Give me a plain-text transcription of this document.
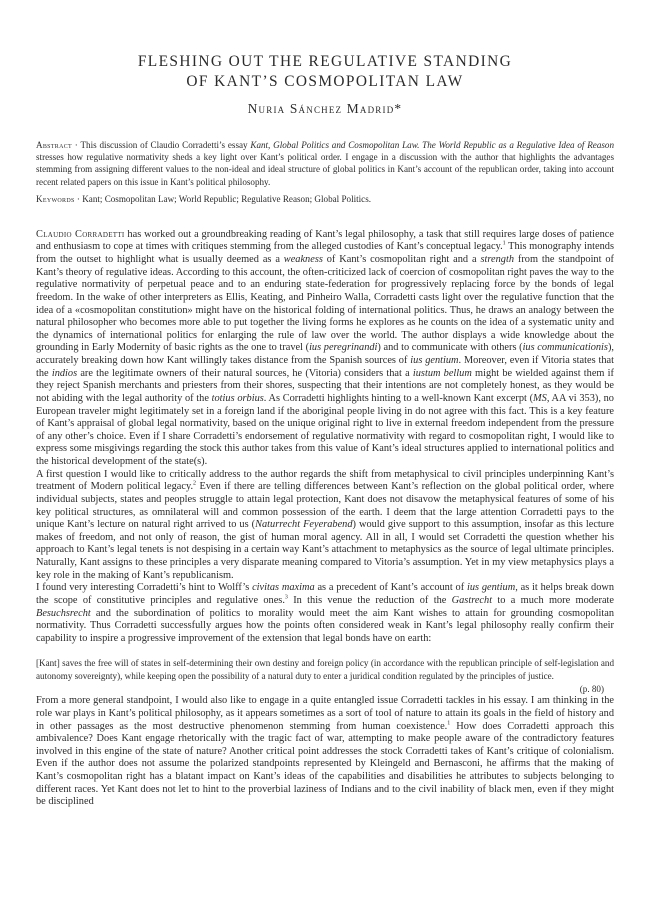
FLESHING OUT THE REGULATIVE STANDING
OF KANT’S COSMOPOLITAN LAW
Nuria Sánchez Madrid*
Abstract · This discussion of Claudio Corradetti’s essay Kant, Global Politics and Cosmopolitan Law. The World Republic as a Regulative Idea of Reason stresses how regulative normativity sheds a key light over Kant’s political order. I engage in a discussion with the author that highlights the advantages stemming from assigning different values to the non-ideal and ideal structure of global politics in Kant’s account of the republican order, taking into account recent related papers on this issue in Kant’s political philosophy.
Keywords · Kant; Cosmopolitan Law; World Republic; Regulative Reason; Global Politics.

Claudio Corradetti has worked out a groundbreaking reading of Kant’s legal philosophy, a task that still requires large doses of patience and enthusiasm to cope at times with critiques stemming from the alleged custodies of Kant’s conceptual legacy.$^1$ This monography intends from the outset to highlight what is usually deemed as a weakness of Kant’s cosmopolitan right and a strength from the standpoint of Kant’s theory of regulative ideas. According to this account, the often-criticized lack of coercion of cosmopolitan right paves the way to the regulative normativity of perpetual peace and to an enduring state-federation for progressively replacing force by the bonds of legal freedom. In the wake of other interpreters as Ellis, Keating, and Pinheiro Walla, Corradetti casts light over the regulative function that the idea of a «cosmopolitan constitution» might have on the historical folding of international politics. Thus, he draws an analogy between the natural philosopher who becomes more able to put together the living forms he explores as he counts on the idea of a systematic unity and the dynamics of international politics for enlarging the rule of law over the world. The author displays a wide knowledge about the grounding in Early Modernity of basic rights as the one to travel (ius peregrinandi) and to communicate with others (ius communicationis), accurately breaking down how Kant willingly takes distance from the Spanish sources of ius gentium. Moreover, even if Vitoria states that the indios are the legitimate owners of their natural sources, he (Vitoria) considers that a iustum bellum might be wielded against them if they reject Spanish merchants and priesters from their shores, suspecting that their intentions are not completely honest, as they would be not abiding with the legal authority of the totius orbius. As Corradetti highlights hinting to a well-known Kant excerpt (MS, AA vi 353), no European traveler might legitimately set in a foreign land if the aboriginal people living in do not agree with this fact. This is a key feature of Kant’s appraisal of global legal normativity, based on the unique original right to live in external freedom independent from the pressure of any other’s choice. Even if I share Corradetti’s endorsement of regulative normativity with regard to cosmopolitan right, I would like to express some misgivings regarding the stock this author takes from this value of Kant’s ideal structures applied to international politics and the historical development of the state(s).

A first question I would like to critically address to the author regards the shift from metaphysical to civil principles underpinning Kant’s treatment of Modern political legacy.$^2$ Even if there are telling differences between Kant’s reflection on the global political order, where individual subjects, states and peoples struggle to attain legal protection, Kant does not disavow the metaphysical features of some of his key political structures, as omnilateral will and common possession of the earth. I deem that the large attention Corradetti pays to the unique Kant’s lecture on natural right arrived to us (Naturrecht Feyerabend) would give support to this assumption, insofar as this lecture makes of freedom, and not only of reason, the gist of human moral agency. All in all, I would set Corradetti the question whether his approach to Kant’s legal tenets is not despising in a certain way Kant’s attachment to metaphysics as the source of legal ultimate principles. Naturally, Kant assigns to these principles a very disparate meaning compared to Vitoria’s assumption. Yet in my view metaphysics plays a key role in the making of Kant’s republicanism.

I found very interesting Corradetti’s hint to Wolff’s civitas maxima as a precedent of Kant’s account of ius gentium, as it helps break down the scope of constitutive principles and regulative ones.$^3$ In this venue the reduction of the Gastrecht to a much more moderate Besuchsrecht and the subordination of politics to morality would meet the aim Kant wishes to attain for grounding cosmopolitan normativity. Thus Corradetti successfully argues how the points often considered weak in Kant’s legal philosophy really confirm their capability to inspire a progressive improvement of the extension that legal bonds have on earth:

[Kant] saves the free will of states in self-determining their own destiny and foreign policy (in accordance with the republican principle of self-legislation and autonomy sovereignty), while keeping open the possibility of a natural duty to enter a juridical condition regulated by the principles of justice.
(p. 80)

From a more general standpoint, I would also like to engage in a quite entangled issue Corradetti tackles in his essay. I am thinking in the role war plays in Kant’s political philosophy, as it appears sometimes as a sort of tool of nature to attain its goals in the field of history and in other passages as the most destructive phenomenon stemming from human coexistence.$^1$ How does Corradetti approach this ambivalence? Does Kant engage rhetorically with the tragic fact of war, attempting to make people aware of the contradictory features involved in this engine of the state of nature? Another critical point addresses the stock Corradetti takes of Kant’s critique of colonialism. Even if the author does not assume the polarized standpoints represented by Kleingeld and Bernasconi, he affirms that the making of Kant’s cosmopolitan right has a blatant impact on Kant’s ideas of the capabilities and disabilities he attributes to subjects belonging to different races. Yet Kant does not let to hint to the proverbial laziness of Indians and to the civil inability of black men, even if they might be disciplined
